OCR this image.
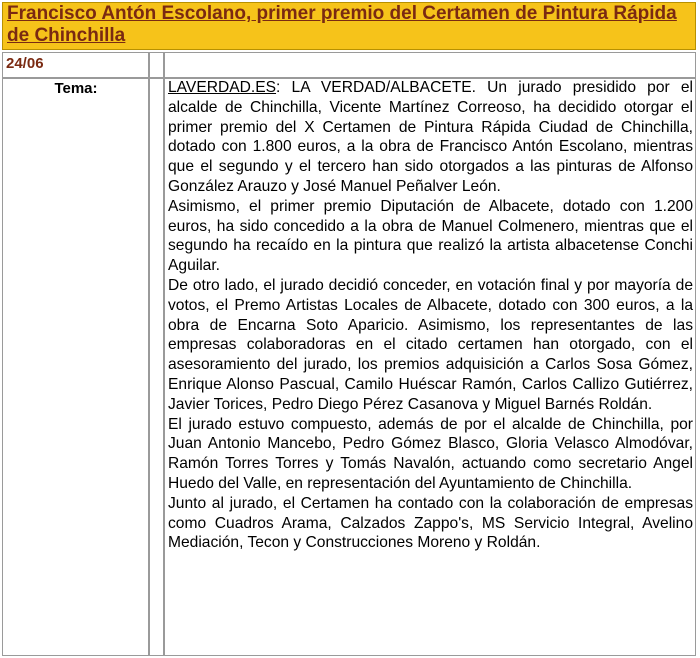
Francisco Antón Escolano, primer premio del Certamen de Pintura Rápida de Chinchilla
24/06
Tema:	LAVERDAD.ES: LA VERDAD/ALBACETE. Un jurado presidido por el alcalde de Chinchilla, Vicente Martínez Correoso, ha decidido otorgar el primer premio del X Certamen de Pintura Rápida Ciudad de Chinchilla, dotado con 1.800 euros, a la obra de Francisco Antón Escolano, mientras que el segundo y el tercero han sido otorgados a las pinturas de Alfonso González Arauzo y José Manuel Peñalver León.

Asimismo, el primer premio Diputación de Albacete, dotado con 1.200 euros, ha sido concedido a la obra de Manuel Colmenero, mientras que el segundo ha recaído en la pintura que realizó la artista albacetense Conchi Aguilar.

De otro lado, el jurado decidió conceder, en votación final y por mayoría de votos, el Premo Artistas Locales de Albacete, dotado con 300 euros, a la obra de Encarna Soto Aparicio. Asimismo, los representantes de las empresas colaboradoras en el citado certamen han otorgado, con el asesoramiento del jurado, los premios adquisición a Carlos Sosa Gómez, Enrique Alonso Pascual, Camilo Huéscar Ramón, Carlos Callizo Gutiérrez, Javier Torices, Pedro Diego Pérez Casanova y Miguel Barnés Roldán.

El jurado estuvo compuesto, además de por el alcalde de Chinchilla, por Juan Antonio Mancebo, Pedro Gómez Blasco, Gloria Velasco Almodóvar, Ramón Torres Torres y Tomás Navalón, actuando como secretario Angel Huedo del Valle, en representación del Ayuntamiento de Chinchilla.

Junto al jurado, el Certamen ha contado con la colaboración de empresas como Cuadros Arama, Calzados Zappo's, MS Servicio Integral, Avelino Mediación, Tecon y Construcciones Moreno y Roldán.
